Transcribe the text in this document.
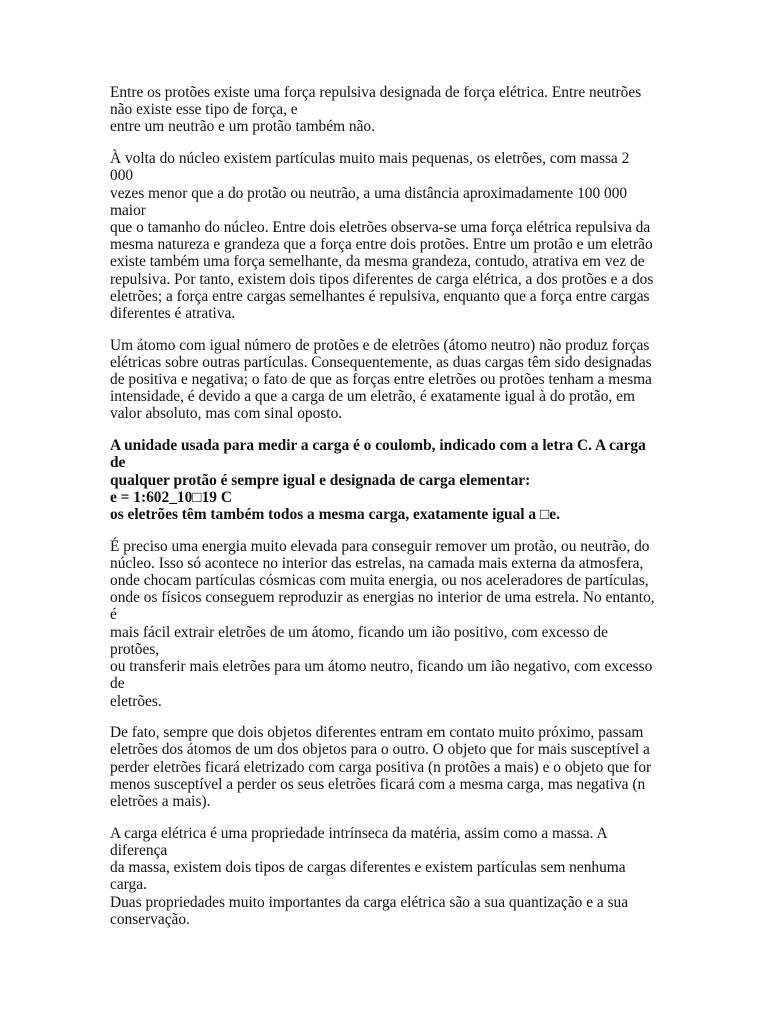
Entre os protões existe uma força repulsiva designada de força elétrica. Entre neutrões
não existe esse tipo de força, e
entre um neutrão e um protão também não.
À volta do núcleo existem partículas muito mais pequenas, os eletrões, com massa 2
000
vezes menor que a do protão ou neutrão, a uma distância aproximadamente 100 000
maior
que o tamanho do núcleo. Entre dois eletrões observa-se uma força elétrica repulsiva da
mesma natureza e grandeza que a força entre dois protões. Entre um protão e um eletrão
existe também uma força semelhante, da mesma grandeza, contudo, atrativa em vez de
repulsiva. Por tanto, existem dois tipos diferentes de carga elétrica, a dos protões e a dos
eletrões; a força entre cargas semelhantes é repulsiva, enquanto que a força entre cargas
diferentes é atrativa.
Um átomo com igual número de protões e de eletrões (átomo neutro) não produz forças
elétricas sobre outras partículas. Consequentemente, as duas cargas têm sido designadas
de positiva e negativa; o fato de que as forças entre eletrões ou protões tenham a mesma
intensidade, é devido a que a carga de um eletrão, é exatamente igual à do protão, em
valor absoluto, mas com sinal oposto.
A unidade usada para medir a carga é o coulomb, indicado com a letra C. A carga
de
qualquer protão é sempre igual e designada de carga elementar:
e = 1:602_10□19 C
os eletrões têm também todos a mesma carga, exatamente igual a □e.
É preciso uma energia muito elevada para conseguir remover um protão, ou neutrão, do
núcleo. Isso só acontece no interior das estrelas, na camada mais externa da atmosfera,
onde chocam partículas cósmicas com muita energia, ou nos aceleradores de partículas,
onde os físicos conseguem reproduzir as energias no interior de uma estrela. No entanto,
é
mais fácil extrair eletrões de um átomo, ficando um ião positivo, com excesso de
protões,
ou transferir mais eletrões para um átomo neutro, ficando um ião negativo, com excesso
de
eletrões.
De fato, sempre que dois objetos diferentes entram em contato muito próximo, passam
eletrões dos átomos de um dos objetos para o outro. O objeto que for mais susceptível a
perder eletrões ficará eletrizado com carga positiva (n protões a mais) e o objeto que for
menos susceptível a perder os seus eletrões ficará com a mesma carga, mas negativa (n
eletrões a mais).
A carga elétrica é uma propriedade intrínseca da matéria, assim como a massa. A
diferença
da massa, existem dois tipos de cargas diferentes e existem partículas sem nenhuma
carga.
Duas propriedades muito importantes da carga elétrica são a sua quantização e a sua
conservação.
